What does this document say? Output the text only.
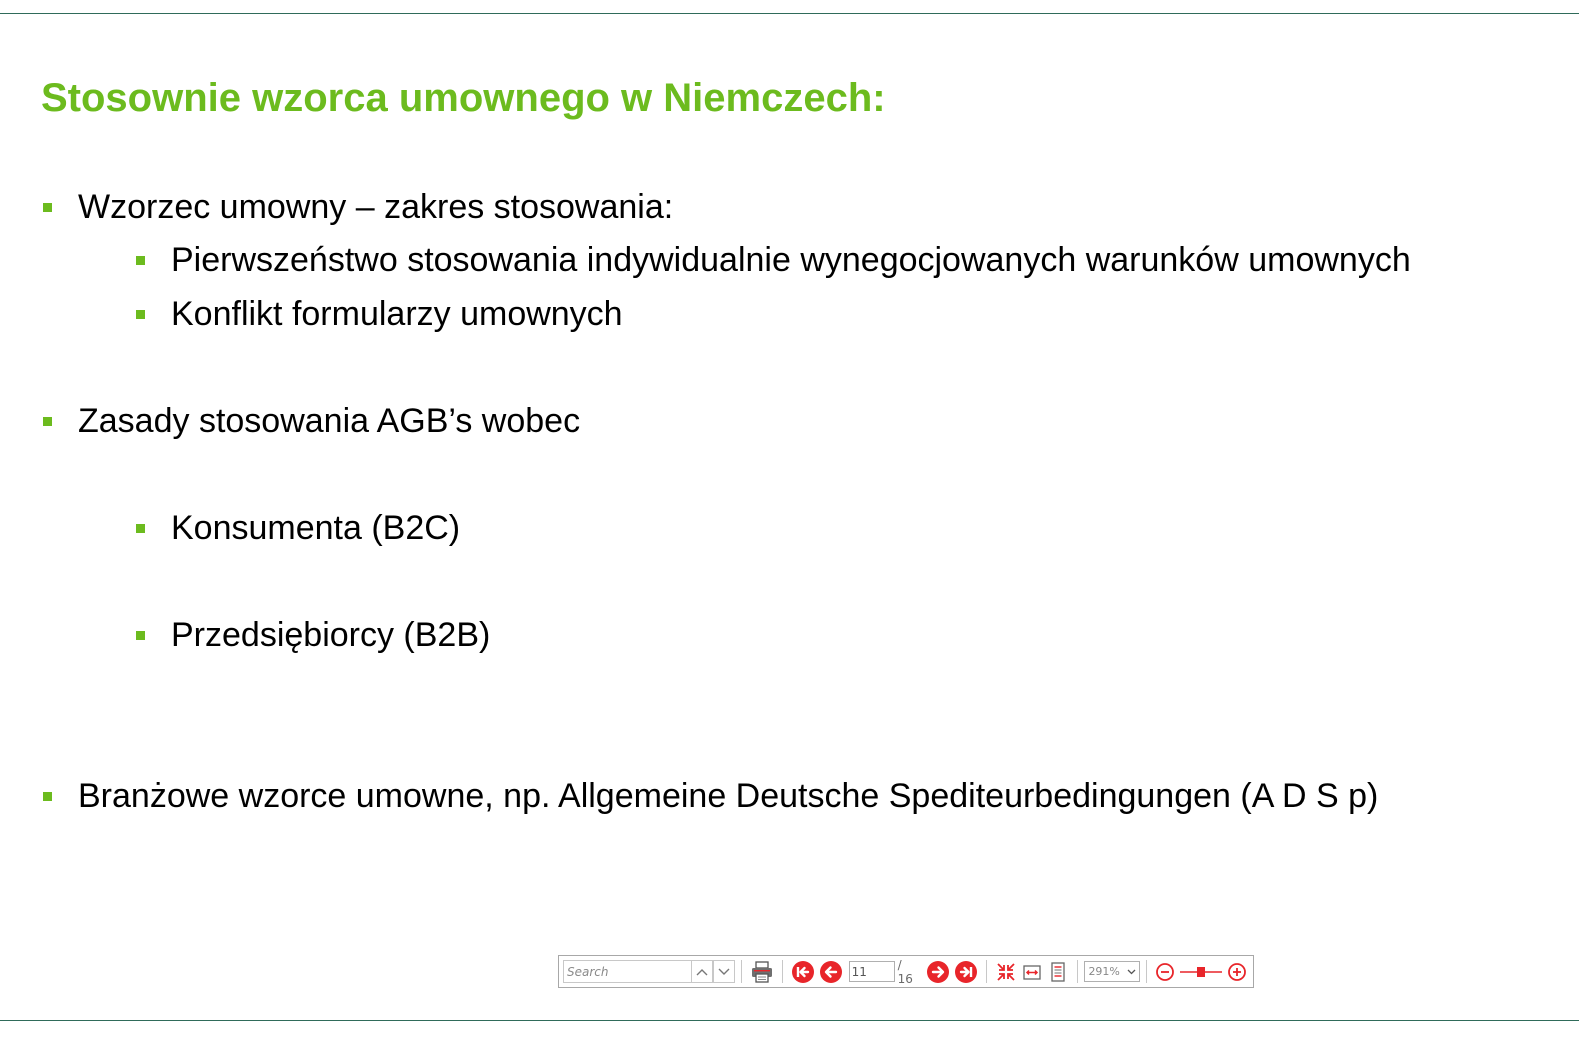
Stosownie wzorca umownego w Niemczech:
Wzorzec umowny – zakres stosowania:
Pierwszeństwo stosowania indywidualnie wynegocjowanych warunków umownych
Konflikt formularzy umownych
Zasady stosowania AGB’s wobec
Konsumenta (B2C)
Przedsiębiorcy (B2B)
Branżowe wzorce umowne, np. Allgemeine Deutsche Spediteurbedingungen (A D S p)
Search
11
/ 16	291%
